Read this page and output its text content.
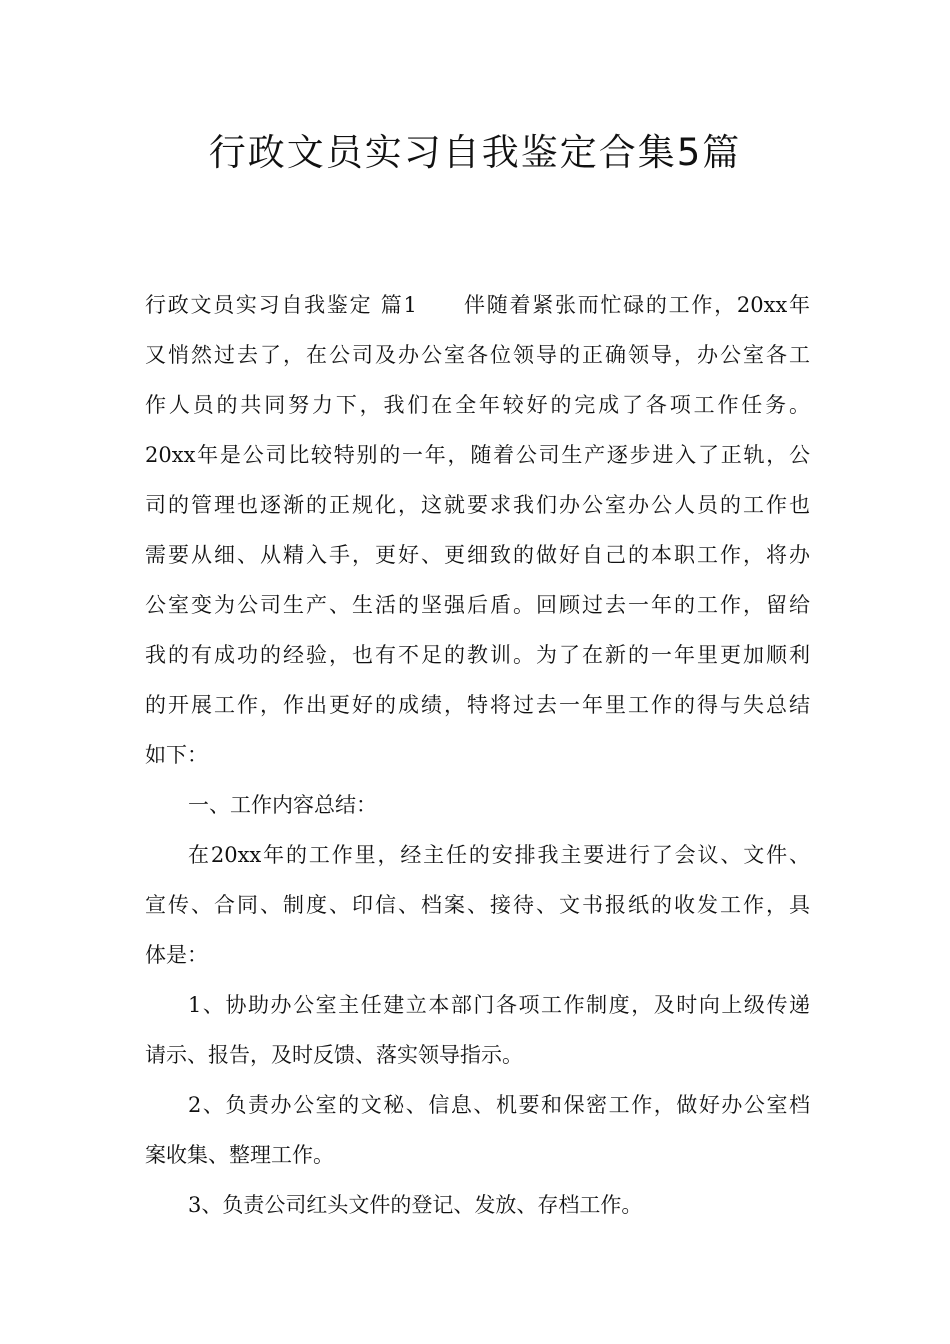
行政文员实习自我鉴定合集5篇
行政文员实习自我鉴定 篇1　　伴随着紧张而忙碌的工作，20xx年
又悄然过去了，在公司及办公室各位领导的正确领导，办公室各工
作人员的共同努力下，我们在全年较好的完成了各项工作任务。
20xx年是公司比较特别的一年，随着公司生产逐步进入了正轨，公
司的管理也逐渐的正规化，这就要求我们办公室办公人员的工作也
需要从细、从精入手，更好、更细致的做好自己的本职工作，将办
公室变为公司生产、生活的坚强后盾。回顾过去一年的工作，留给
我的有成功的经验，也有不足的教训。为了在新的一年里更加顺利
的开展工作，作出更好的成绩，特将过去一年里工作的得与失总结
如下：
一、工作内容总结：
在20xx年的工作里，经主任的安排我主要进行了会议、文件、
宣传、合同、制度、印信、档案、接待、文书报纸的收发工作，具
体是：
1、协助办公室主任建立本部门各项工作制度，及时向上级传递
请示、报告，及时反馈、落实领导指示。
2、负责办公室的文秘、信息、机要和保密工作，做好办公室档
案收集、整理工作。
3、负责公司红头文件的登记、发放、存档工作。
